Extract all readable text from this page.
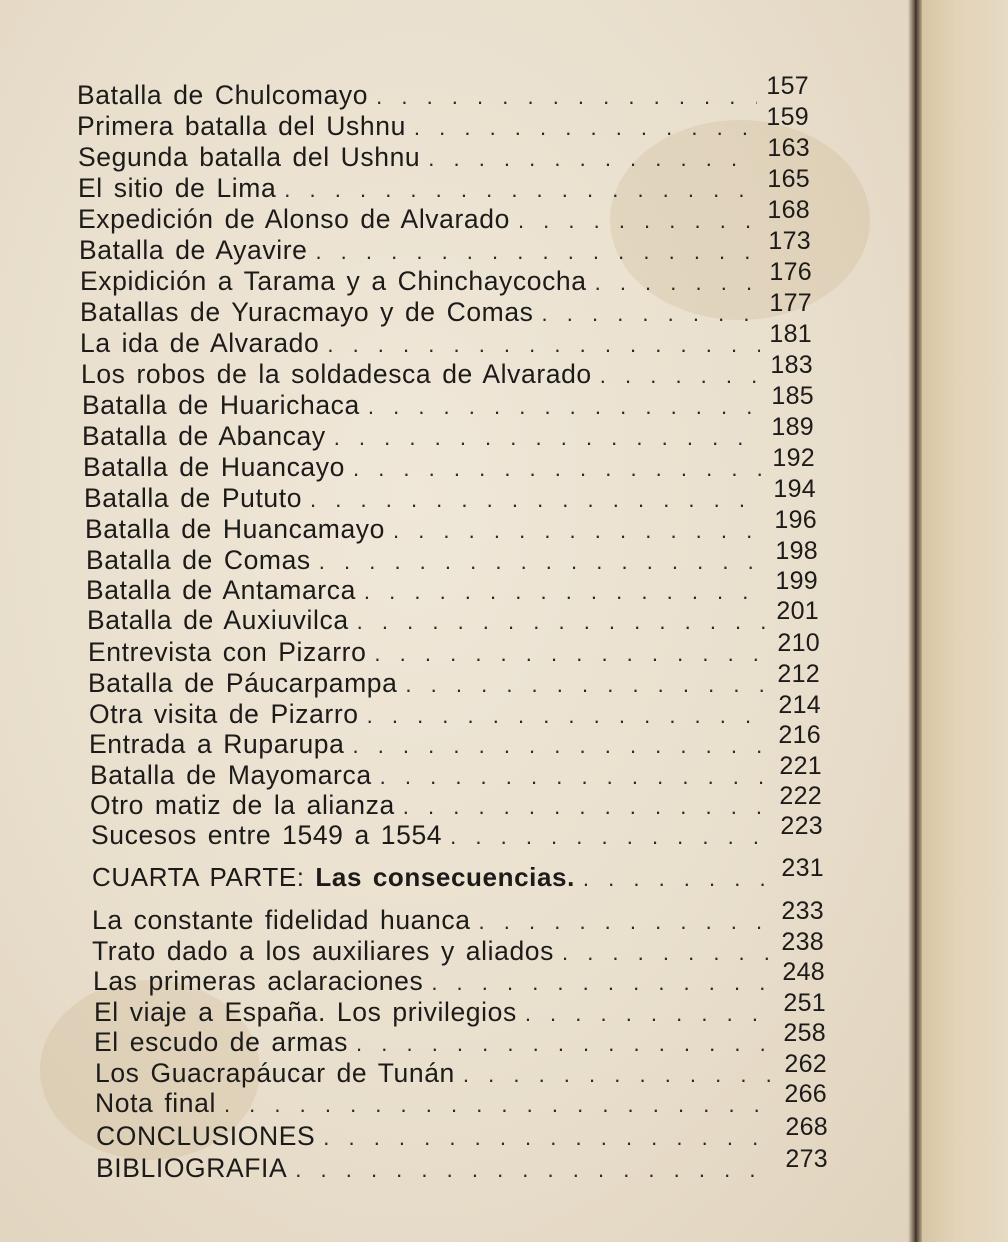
Batalla de Chulcomayo . . .	157
Primera batalla del Ushnu . . .	159
Segunda batalla del Ushnu . . .	163
El sitio de Lima . . .	165
Expedición de Alonso de Alvarado . . .	168
Batalla de Ayavire . . .	173
Expidición a Tarama y a Chinchaycocha . . .	176
Batallas de Yuracmayo y de Comas . . .	177
La ida de Alvarado . . .	181
Los robos de la soldadesca de Alvarado . . .	183
Batalla de Huarichaca . . .	185
Batalla de Abancay . . .	189
Batalla de Huancayo . . .	192
Batalla de Pututo . . .	194
Batalla de Huancamayo . . .	196
Batalla de Comas . . .	198
Batalla de Antamarca . . .	199
Batalla de Auxiuvilca . . .	201
Entrevista con Pizarro . . .	210
Batalla de Páucarpampa . . .	212
Otra visita de Pizarro . . .	214
Entrada a Ruparupa . . .	216
Batalla de Mayomarca . . .	221
Otro matiz de la alianza . . .	222
Sucesos entre 1549 a 1554 . . .	223
CUARTA PARTE: Las consecuencias. . . .	231
La constante fidelidad huanca . . .	233
Trato dado a los auxiliares y aliados . . .	238
Las primeras aclaraciones . . .	248
El viaje a España. Los privilegios . . .	251
El escudo de armas . . .	258
Los Guacrapáucar de Tunán . . .	262
Nota final . . .	266
CONCLUSIONES . . .	268
BIBLIOGRAFIA . . .	273
